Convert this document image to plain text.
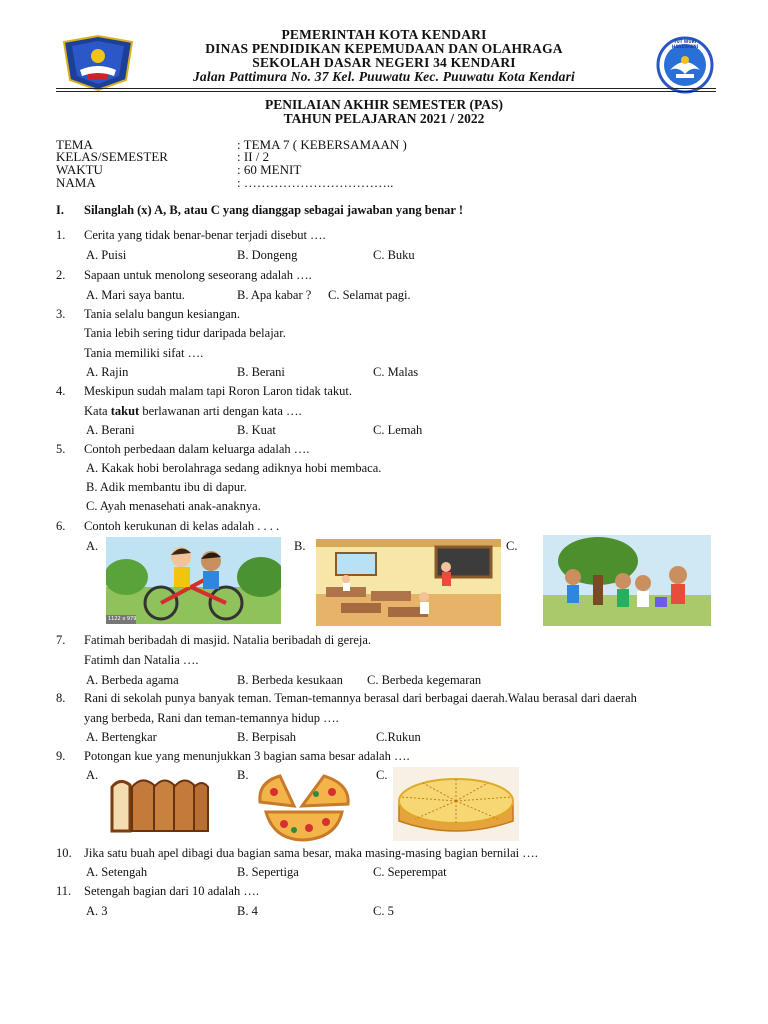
PEMERINTAH KOTA KENDARI
DINAS PENDIDIKAN KEPEMUDAAN DAN OLAHRAGA
SEKOLAH DASAR NEGERI 34 KENDARI
Jalan Pattimura No. 37 Kel. Puuwatu Kec. Puuwatu Kota Kendari
TUT WURI HANDAYANI
PENILAIAN AKHIR SEMESTER (PAS)
TAHUN PELAJARAN 2021 / 2022
TEMA	: TEMA 7 ( KEBERSAMAAN )
KELAS/SEMESTER	: II / 2
WAKTU	: 60 MENIT
NAMA	: ……………………………..
I. Silanglah (x) A, B, atau C yang dianggap sebagai jawaban yang benar !
1. Cerita yang tidak benar-benar terjadi disebut ….
A. Puisi	B. Dongeng	C. Buku
2. Sapaan untuk menolong seseorang adalah ….
A. Mari saya bantu.	B. Apa kabar ? C. Selamat pagi.
3. Tania selalu bangun kesiangan.
Tania lebih sering tidur daripada belajar.
Tania memiliki sifat ….
A. Rajin	B. Berani	C. Malas
4. Meskipun sudah malam tapi Roron Laron tidak takut.
Kata takut berlawanan arti dengan kata ….
A. Berani	B. Kuat	C. Lemah
5. Contoh perbedaan dalam keluarga adalah ….
A. Kakak hobi berolahraga sedang adiknya hobi membaca.
B. Adik membantu ibu di dapur.
C. Ayah menasehati anak-anaknya.
6. Contoh kerukunan di kelas adalah . . . .
A.	B.	C.
1122 x 979
7. Fatimah beribadah di masjid. Natalia beribadah di gereja.
Fatimh dan Natalia ….
A. Berbeda agama	B. Berbeda kesukaan C. Berbeda kegemaran
8. Rani di sekolah punya banyak teman. Teman-temannya berasal dari berbagai daerah.Walau berasal dari daerah
yang berbeda, Rani dan teman-temannya hidup ….
A. Bertengkar	B. Berpisah	C.Rukun
9. Potongan kue yang menunjukkan 3 bagian sama besar adalah ….
A.	B.	C.
10. Jika satu buah apel dibagi dua bagian sama besar, maka masing-masing bagian bernilai ….
A. Setengah	B. Sepertiga	C. Seperempat
11. Setengah bagian dari 10 adalah ….
A. 3	B. 4	C. 5
